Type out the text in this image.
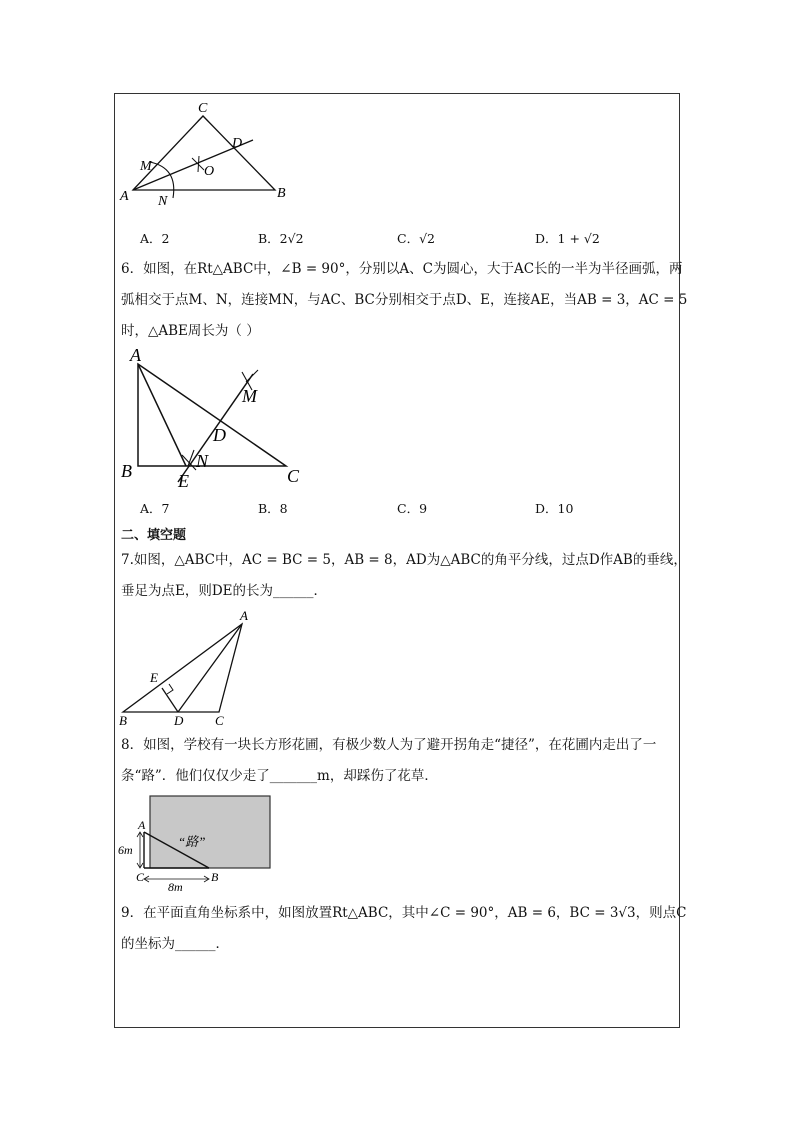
C
D
M	O
A N
B
A．2	B．2√2	C．√2	D．1 + √2
6．如图，在Rt△ABC中，∠B = 90°，分别以A、C为圆心，大于AC长的一半为半径画弧，两
弧相交于点M、N，连接MN，与AC、BC分别相交于点D、E，连接AE，当AB = 3，AC = 5
时，△ABE周长为（ ）
A
M
D
B	N
E	C
A．7	B．8	C．9	D．10
二、填空题
7.如图，△ABC中，AC = BC = 5，AB = 8，AD为△ABC的角平分线，过点D作AB的垂线，
垂足为点E，则DE的长为______．
A
E
B	D C
8．如图，学校有一块长方形花圃，有极少数人为了避开拐角走“捷径”，在花圃内走出了一
条“路”．他们仅仅少走了_______m，却踩伤了花草．
A
“路”
6m
C
8m
B
9．在平面直角坐标系中，如图放置Rt△ABC，其中∠C = 90°，AB = 6，BC = 3√3，则点C
的坐标为______．
